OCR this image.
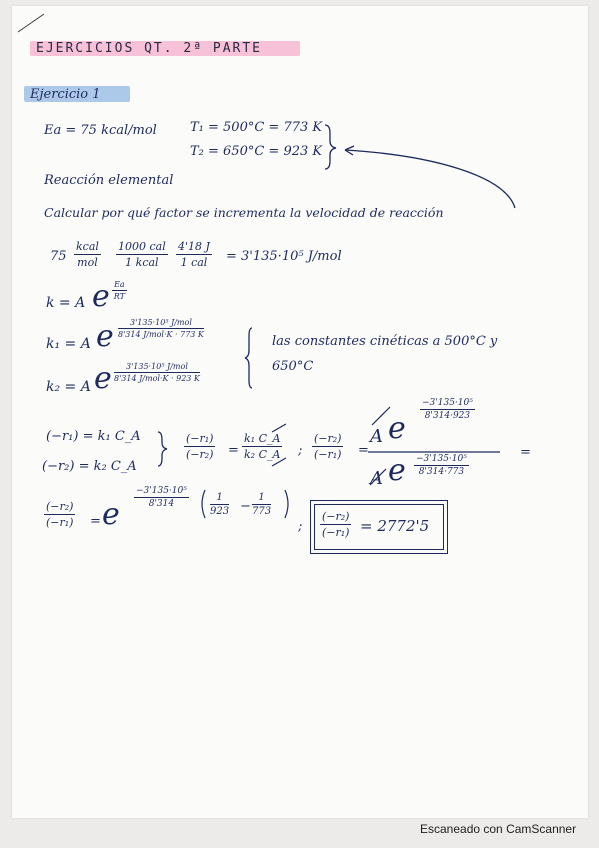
EJERCICIOS QT. 2ª PARTE
Ejercicio 1
Ea = 75 kcal/mol	T₁ = 500°C = 773 K
T₂ = 650°C = 923 K
Reacción elemental
Calcular por qué factor se incrementa la velocidad de reacción
75
kcal
mol
1000 cal
1 kcal
4'18 J
1 cal	= 3'135·10⁵ J/mol
k = A e $\frac{Ea}{RT}$
k₁ = A e	3'135·10⁵ J/mol
8'314 J/mol·K · 773 K
k₂ = A e	3'135·10⁵ J/mol
8'314 J/mol·K · 923 K
las constantes cinéticas a 500°C y
650°C
(−r₁) = k₁ C_A
(−r₂) = k₂ C_A
$\frac{\text{(−r₁)}}{\text{(−r₂)}} = \frac{\text{k₁ C\_A}}{\text{k₂ C\_A}}$ ; $\frac{\text{(−r₂)}}{\text{(−r₁)}}$ =
A e
$\frac{\text{−3'135·10⁵}}{8'314\cdot 923}$
A e $\frac{\text{−3'135·10⁵}}{8'314\cdot 773}$
=
$\frac{\text{(−r₂)}}{\text{(−r₁)}} = e \frac{\text{−3'135·10⁵}}{8'314} \frac{1}{923} - \frac{1}{773}$
; $\frac{\text{(−r₂)}}{\text{(−r₁)}} = 2772'5$
Escaneado con CamScanner
